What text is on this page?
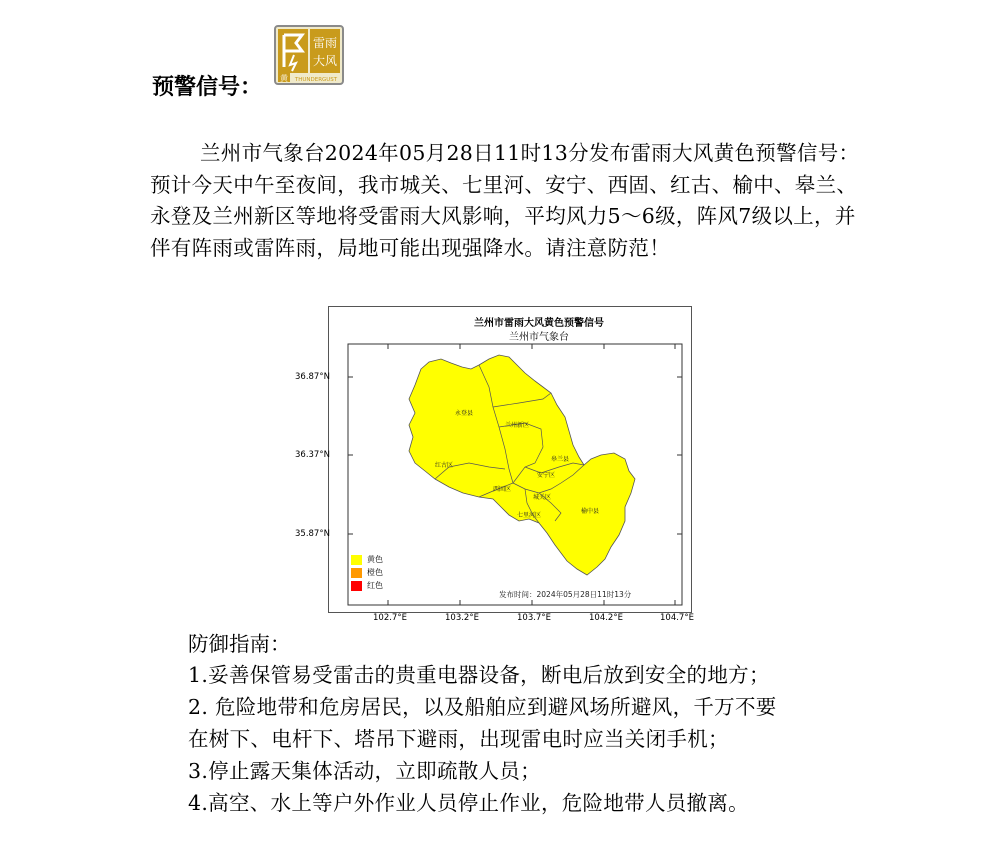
预警信号：
雷雨
大风
黄 THUNDERGUST
兰州市气象台2024年05月28日11时13分发布雷雨大风黄色预警信号：预计今天中午至夜间，我市城关、七里河、安宁、西固、红古、榆中、皋兰、永登及兰州新区等地将受雷雨大风影响，平均风力5～6级，阵风7级以上，并伴有阵雨或雷阵雨，局地可能出现强降水。请注意防范！
兰州市雷雨大风黄色预警信号
兰州市气象台
永登县
兰州新区
红古区
皋兰县
安宁区
西固区
城关区
七里河区
榆中县
36.87°N
36.37°N
35.87°N
102.7°E	103.2°E	103.7°E	104.2°E	104.7°E
黄色
橙色
红色
发布时间：2024年05月28日11时13分
防御指南：
1.妥善保管易受雷击的贵重电器设备，断电后放到安全的地方；
2. 危险地带和危房居民，以及船舶应到避风场所避风，千万不要
在树下、电杆下、塔吊下避雨，出现雷电时应当关闭手机；
3.停止露天集体活动，立即疏散人员；
4.高空、水上等户外作业人员停止作业，危险地带人员撤离。
